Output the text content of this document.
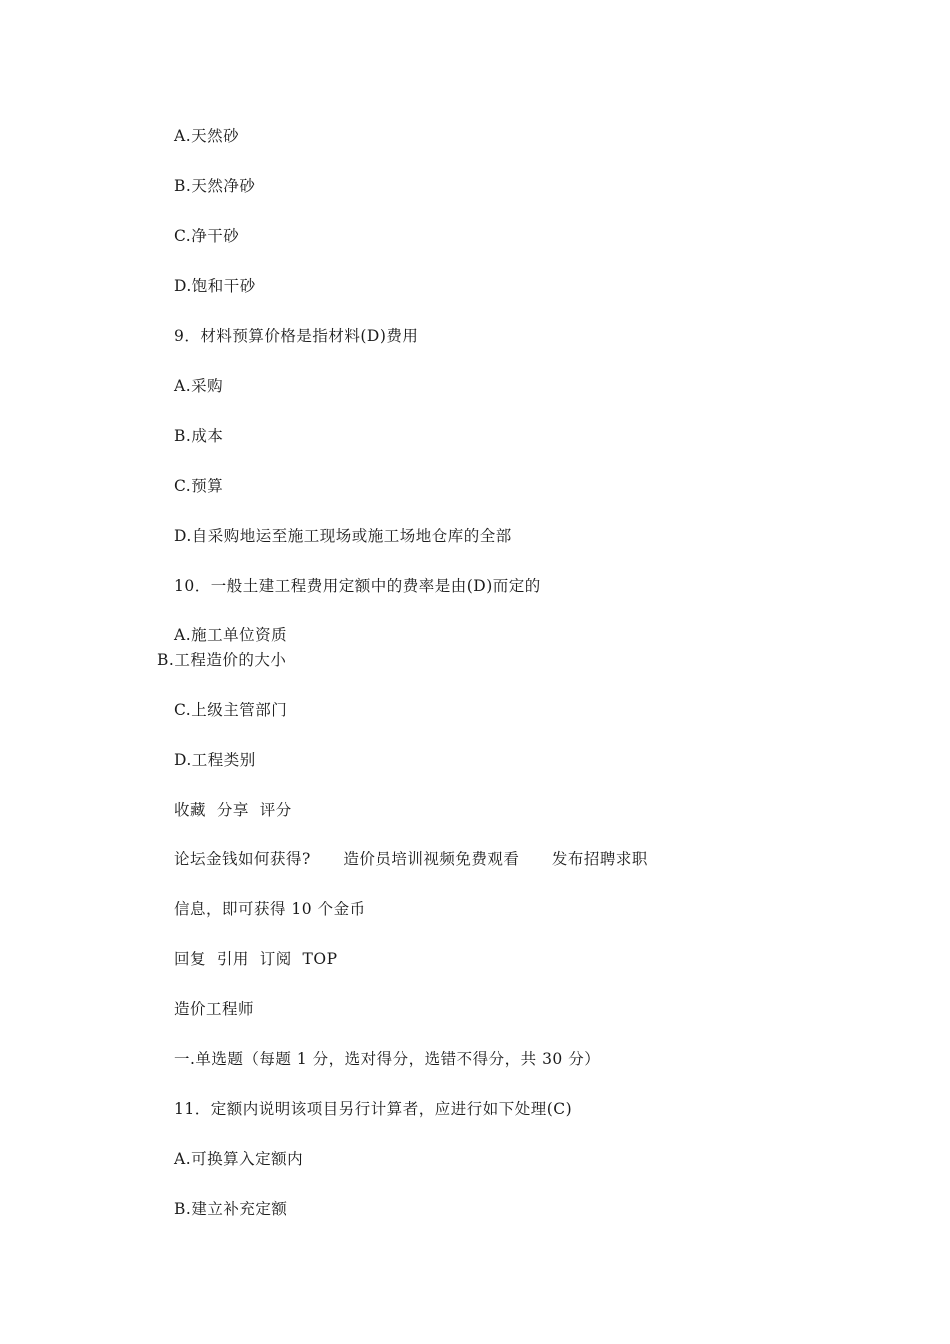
A.天然砂
B.天然净砂
C.净干砂
D.饱和干砂
9．材料预算价格是指材料(D)费用
A.采购
B.成本
C.预算
D.自采购地运至施工现场或施工场地仓库的全部
10．一般土建工程费用定额中的费率是由(D)而定的
A.施工单位资质
B.工程造价的大小
C.上级主管部门
D.工程类别
收藏  分享  评分
论坛金钱如何获得?      造价员培训视频免费观看      发布招聘求职
信息，即可获得 10 个金币
回复  引用  订阅  TOP
造价工程师
一.单选题（每题 1 分，选对得分，选错不得分，共 30 分）
11．定额内说明该项目另行计算者，应进行如下处理(C)
A.可换算入定额内
B.建立补充定额
